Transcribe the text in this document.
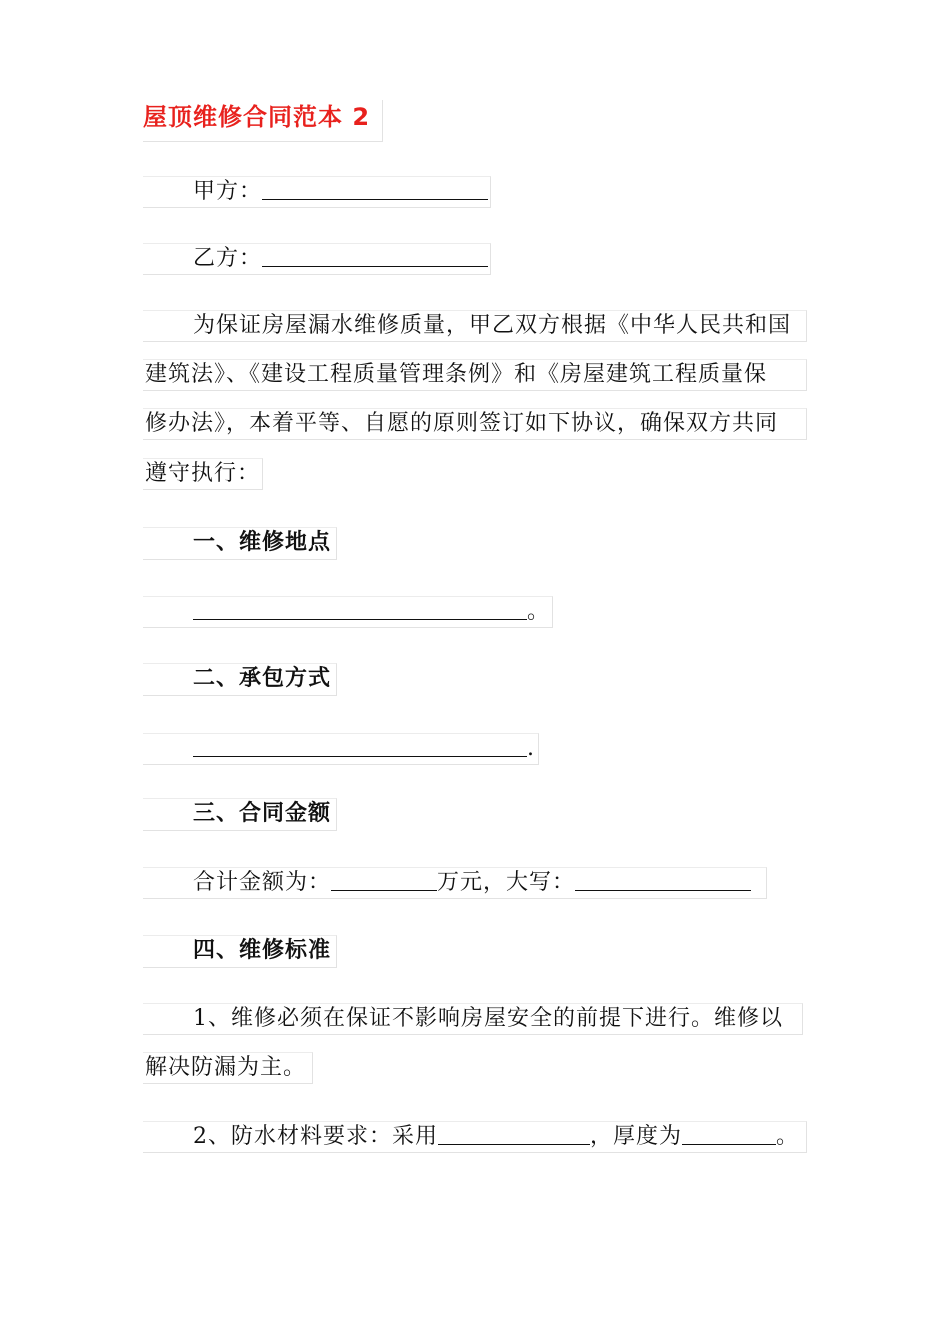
屋顶维修合同范本 2
甲方：
乙方：
为保证房屋漏水维修质量，甲乙双方根据《中华人民共和国
建筑法》、《建设工程质量管理条例》和《房屋建筑工程质量保
修办法》，本着平等、自愿的原则签订如下协议，确保双方共同
遵守执行：
一、维修地点
。
二、承包方式
.
三、合同金额
合计金额为：	万元，大写：
四、维修标准
1、维修必须在保证不影响房屋安全的前提下进行。维修以
解决防漏为主。
2、防水材料要求：采用	，厚度为	。
